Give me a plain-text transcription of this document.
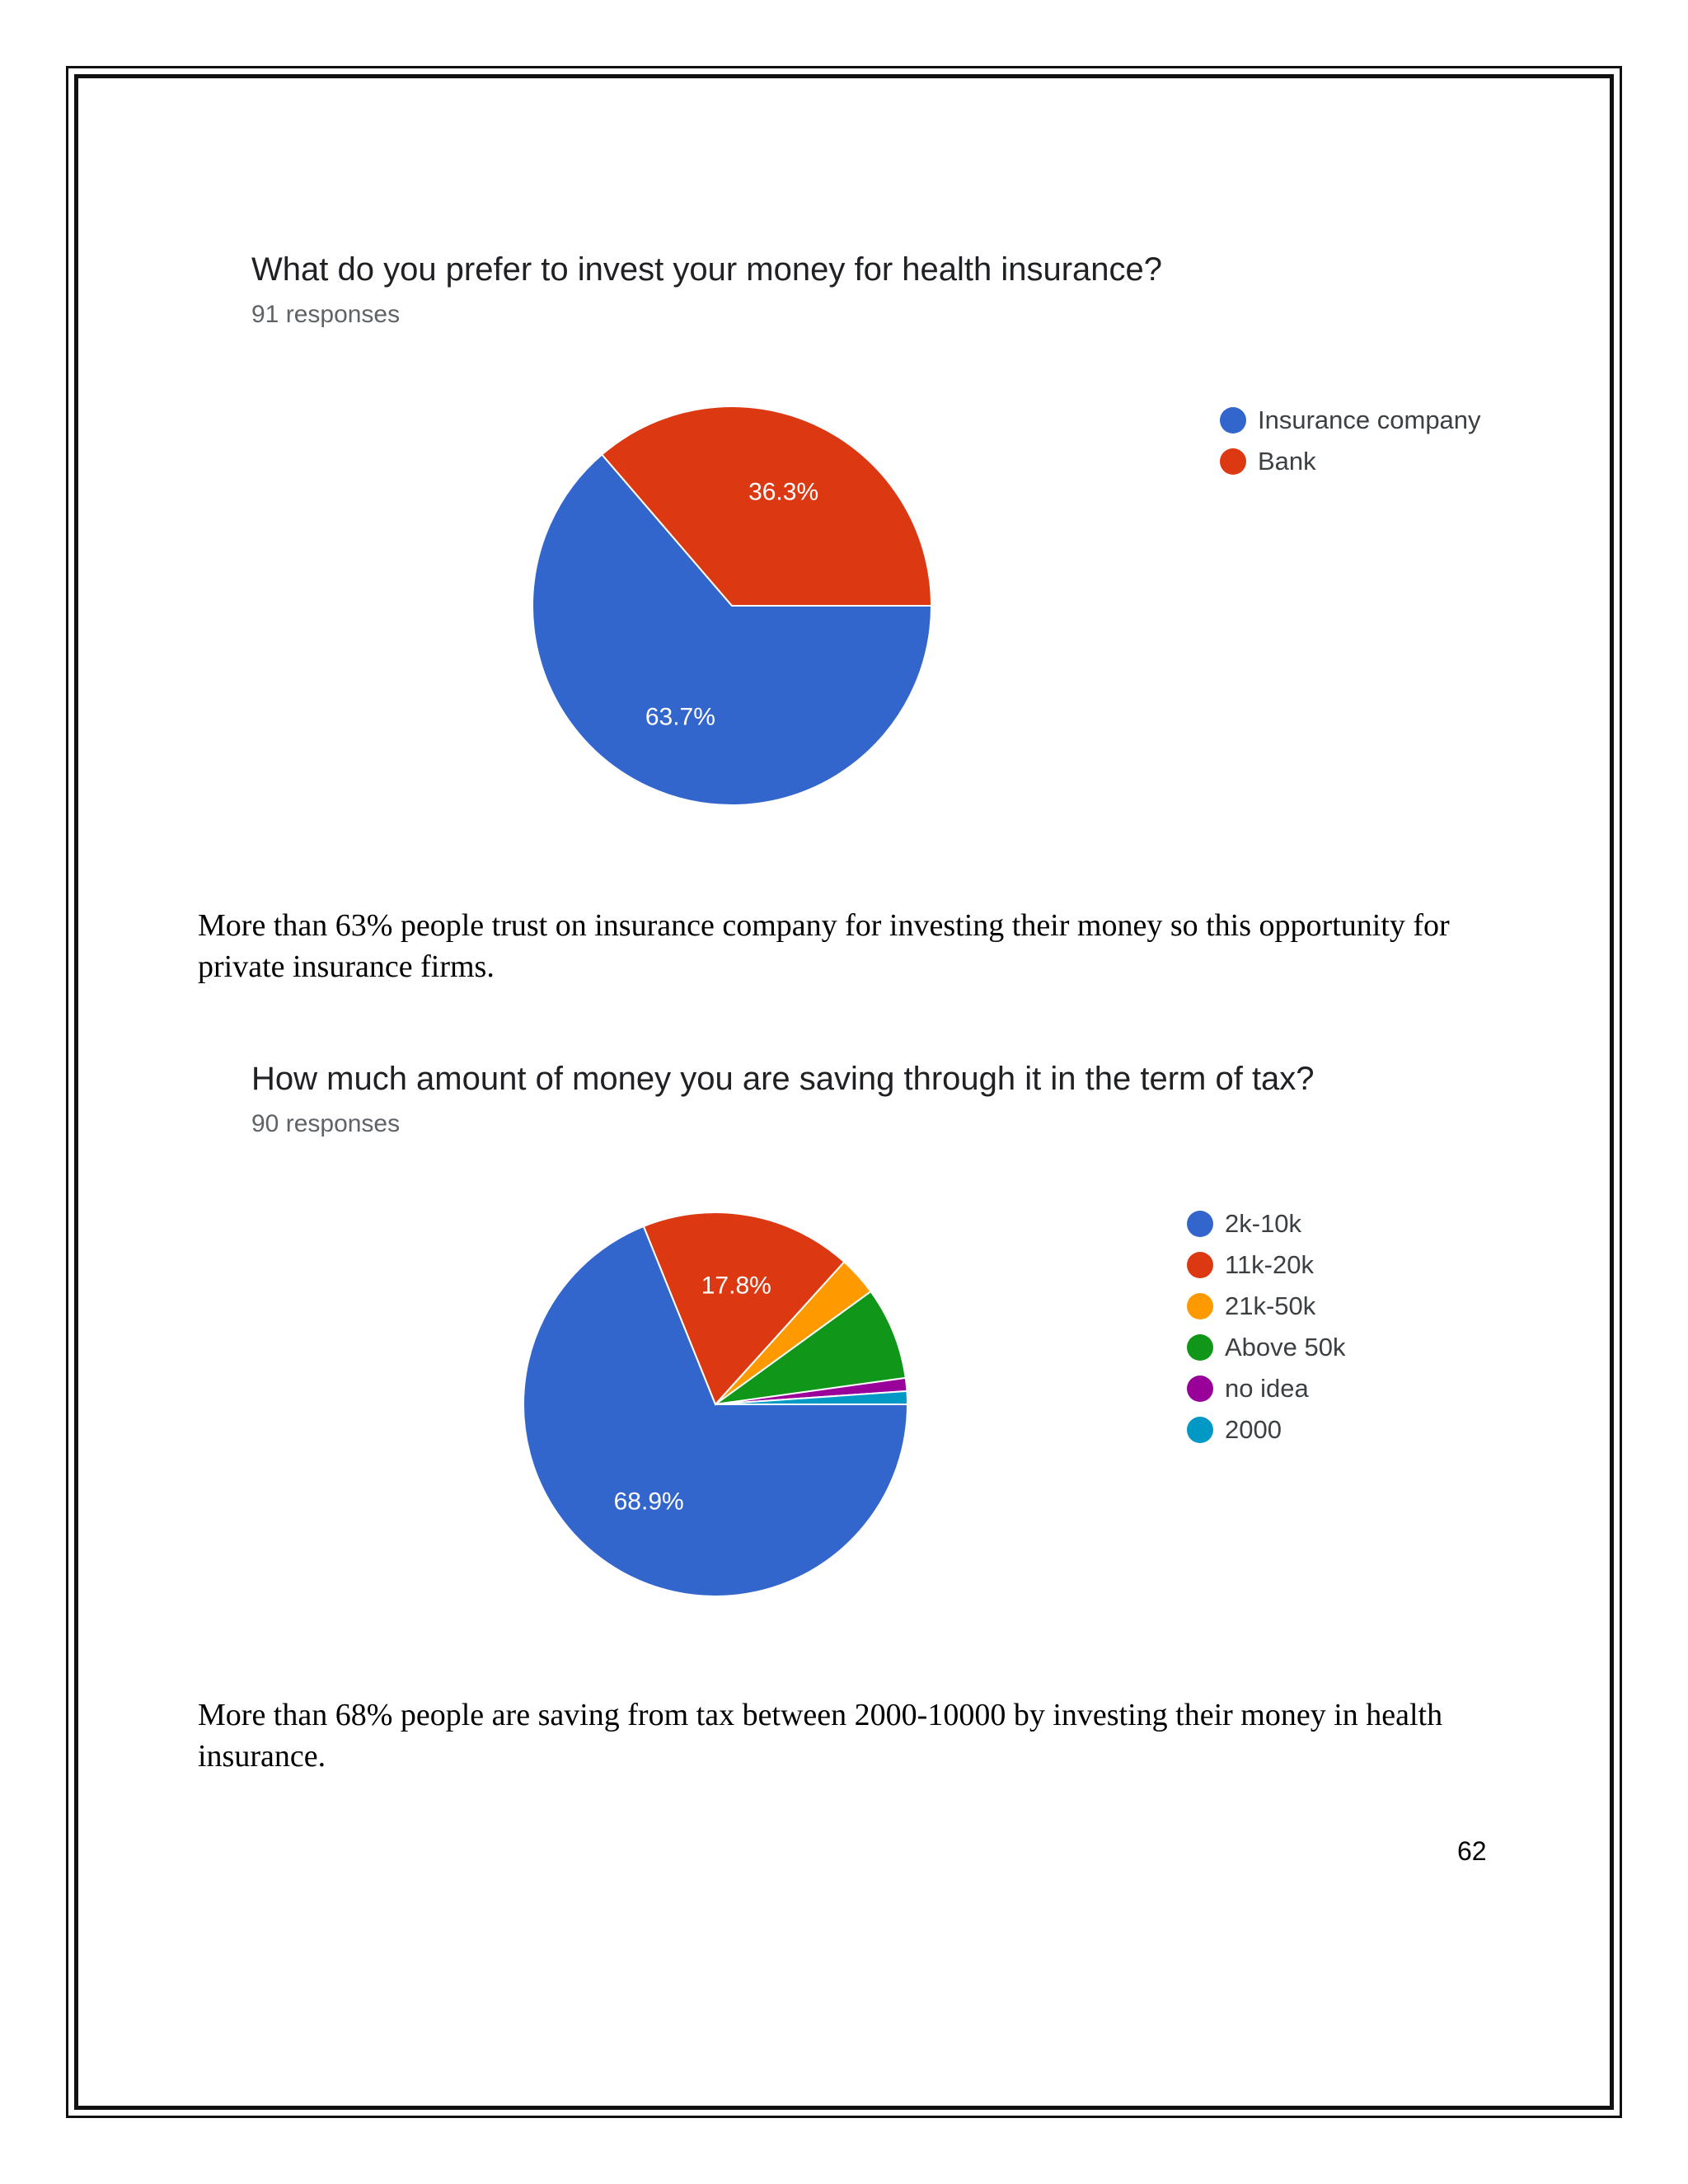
What do you prefer to invest your money for health insurance?
91 responses
63.7%
36.3%
Insurance company
Bank
More than 63% people trust on insurance company for investing their money so this opportunity for private insurance firms.
How much amount of money you are saving through it in the term of tax?
90 responses
68.9%
17.8%
2k-10k
11k-20k
21k-50k
Above 50k
no idea
2000
More than 68% people are saving from tax between 2000-10000 by investing their money in health insurance.
62
